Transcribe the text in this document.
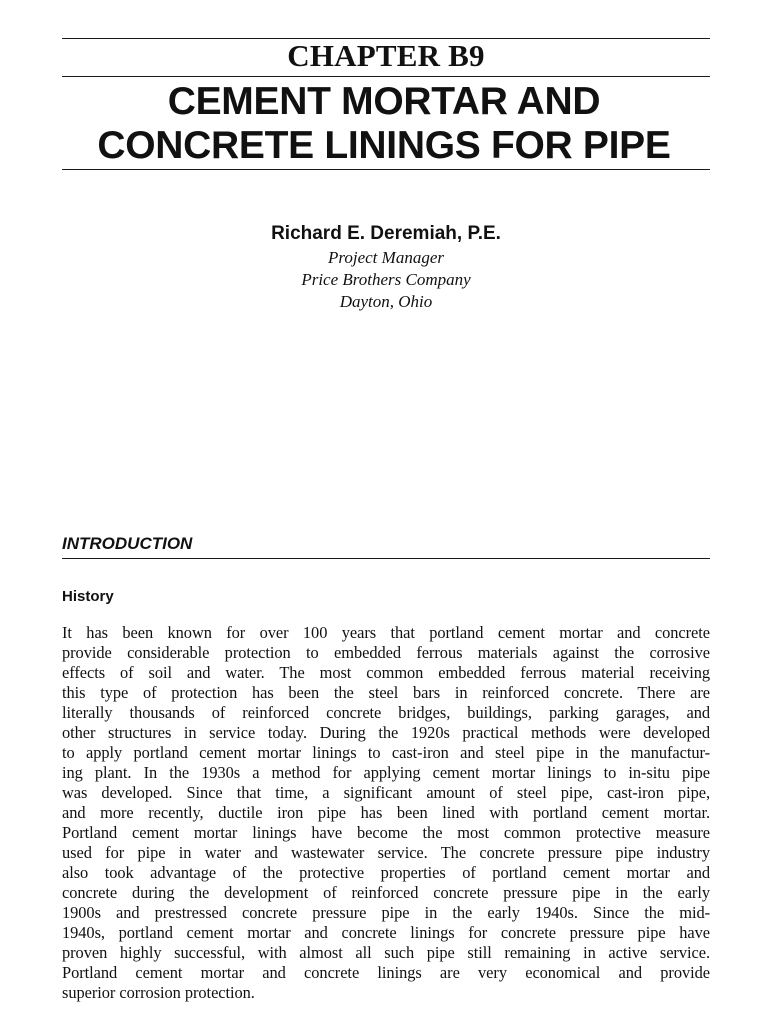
CHAPTER B9
CEMENT MORTAR AND
CONCRETE LININGS FOR PIPE
Richard E. Deremiah, P.E.
Project Manager
Price Brothers Company
Dayton, Ohio
INTRODUCTION
History
It has been known for over 100 years that portland cement mortar and concrete
provide considerable protection to embedded ferrous materials against the corrosive
effects of soil and water. The most common embedded ferrous material receiving
this type of protection has been the steel bars in reinforced concrete. There are
literally thousands of reinforced concrete bridges, buildings, parking garages, and
other structures in service today. During the 1920s practical methods were developed
to apply portland cement mortar linings to cast-iron and steel pipe in the manufactur-
ing plant. In the 1930s a method for applying cement mortar linings to in-situ pipe
was developed. Since that time, a significant amount of steel pipe, cast-iron pipe,
and more recently, ductile iron pipe has been lined with portland cement mortar.
Portland cement mortar linings have become the most common protective measure
used for pipe in water and wastewater service. The concrete pressure pipe industry
also took advantage of the protective properties of portland cement mortar and
concrete during the development of reinforced concrete pressure pipe in the early
1900s and prestressed concrete pressure pipe in the early 1940s. Since the mid-
1940s, portland cement mortar and concrete linings for concrete pressure pipe have
proven highly successful, with almost all such pipe still remaining in active service.
Portland cement mortar and concrete linings are very economical and provide
superior corrosion protection.
